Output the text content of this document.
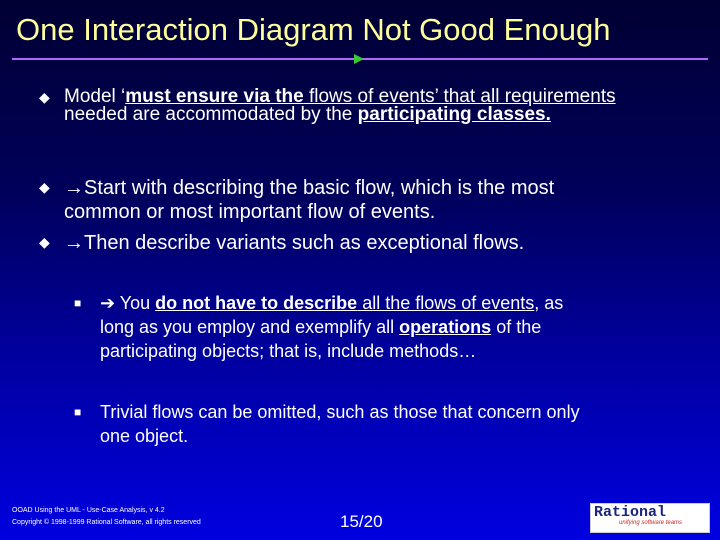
One Interaction Diagram Not Good Enough
◆ Model ‘must ensure via the flows of events’ that all requirements
needed are accommodated by the participating classes.
◆ →Start with describing the basic flow, which is the most
common or most important flow of events.
◆ →Then describe variants such as exceptional flows.
■ ➔ You do not have to describe all the flows of events, as
long as you employ and exemplify all operations of the
participating objects; that is, include methods…
■ Trivial flows can be omitted, such as those that concern only
one object.
OOAD Using the UML - Use-Case Analysis, v 4.2
Copyright © 1998-1999 Rational Software, all rights reserved	15/20	Rational
unifying software teams
